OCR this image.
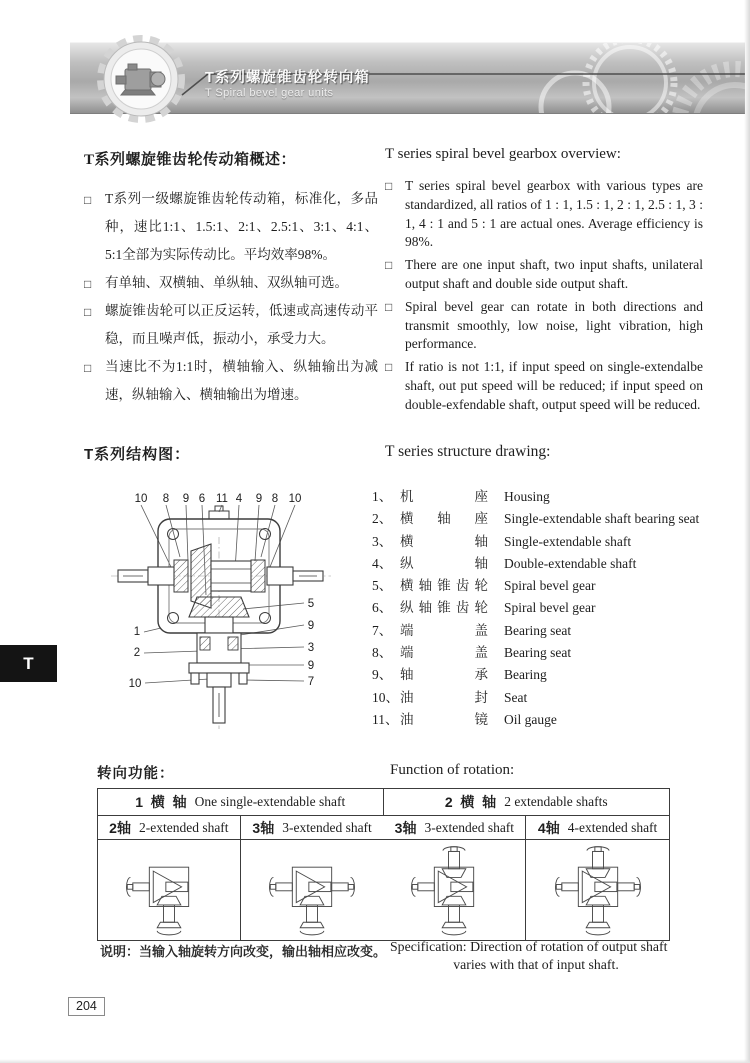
T系列螺旋锥齿轮转向箱
T Spiral bevel gear units
T

T系列螺旋锥齿轮传动箱概述：

□ T系列一级螺旋锥齿轮传动箱，标准化，多品种，速比1:1、1.5:1、2:1、2.5:1、3:1、4:1、5:1全部为实际传动比。平均效率98%。
□ 有单轴、双横轴、单纵轴、双纵轴可选。
□ 螺旋锥齿轮可以正反运转，低速或高速传动平稳，而且噪声低，振动小，承受力大。
□ 当速比不为1:1时，横轴输入、纵轴输出为减速，纵轴输入、横轴输出为增速。

T series spiral bevel gearbox overview:

□ T series spiral bevel gearbox with various types are standardized, all ratios of 1 : 1, 1.5 : 1, 2 : 1, 2.5 : 1, 3 : 1, 4 : 1 and 5 : 1 are actual ones. Average efficiency is 98%.
□ There are one input shaft, two input shafts, unilateral output shaft and double side output shaft.
□ Spiral bevel gear can rotate in both directions and transmit smoothly, low noise, light vibration, high performance.
□ If ratio is not 1:1, if input speed on single-extendalbe shaft, out put speed will be reduced; if input speed on double-exfendable shaft, output speed will be reduced.
T系列结构图：	T series structure drawing:
10 8 9 6 11 4 9 8 10
5
9
3
9
7
1
2
10
1、 机座 Housing
2、 横轴座 Single-extendable shaft bearing seat
3、 横轴 Single-extendable shaft
4、 纵轴 Double-extendable shaft
5、 横轴锥齿轮 Spiral bevel gear
6、 纵轴锥齿轮 Spiral bevel gear
7、 端盖 Bearing seat
8、 端盖 Bearing seat
9、 轴承 Bearing
10、油封 Seat
11、 油镜 Oil gauge
转向功能：	Function of rotation:
1  横  轴 One single-extendable shaft	2  横  轴 2 extendable shafts
2轴 2-extended shaft 3轴 3-extended shaft 3轴 3-extended shaft 4轴 4-extended shaft
说明：当输入轴旋转方向改变，输出轴相应改变。 Specification: Direction of rotation of output shaft
varies with that of input shaft.
204
